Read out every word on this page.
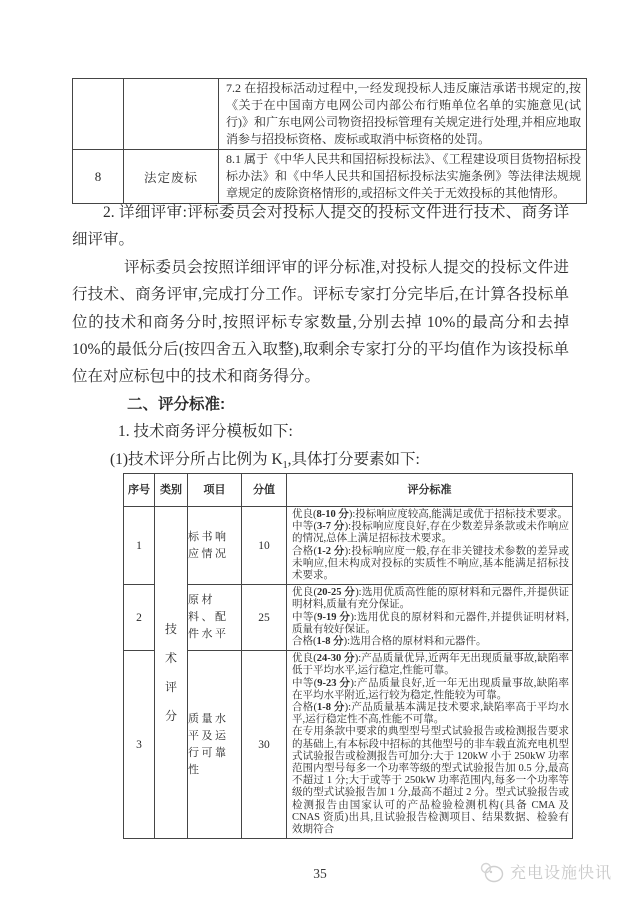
		7.2 在招投标活动过程中,一经发现投标人违反廉洁承诺书规定的,按《关于在中国南方电网公司内部公布行贿单位名单的实施意见(试行)》和广东电网公司物资招投标管理有关规定进行处理,并相应地取消参与招投标资格、废标或取消中标资格的处罚。
8	法定废标	8.1 属于《中华人民共和国招标投标法》、《工程建设项目货物招标投标办法》和《中华人民共和国招标投标法实施条例》等法律法规规章规定的废除资格情形的,或招标文件关于无效投标的其他情形。
2. 详细评审:评标委员会对投标人提交的投标文件进行技术、商务详细评审。
评标委员会按照详细评审的评分标准,对投标人提交的投标文件进行技术、商务评审,完成打分工作。评标专家打分完毕后,在计算各投标单位的技术和商务分时,按照评标专家数量,分别去掉 10%的最高分和去掉 10%的最低分后(按四舍五入取整),取剩余专家打分的平均值作为该投标单位在对应标包中的技术和商务得分。
二、评分标准:
1. 技术商务评分模板如下:
(1)技术评分所占比例为 $K_1$,具体打分要素如下:
序号	类别	项目	分值	评分标准
1	技术评分	标书响应情况	10	优良(8-10 分):投标响应度较高,能满足或优于招标技术要求。
中等(3-7 分):投标响应度良好,存在少数差异条款或未作响应的情况,总体上满足招标技术要求。
合格(1-2 分):投标响应度一般,存在非关键技术参数的差异或未响应,但未构成对投标的实质性不响应,基本能满足招标技术要求。

2		原材料、配件水平	25	优良(20-25 分):选用优质高性能的原材料和元器件,并提供证明材料,质量有充分保证。
中等(9-19 分):选用优良的原材料和元器件,并提供证明材料,质量有较好保证。
合格(1-8 分):选用合格的原材料和元器件。

3		质量水平及运行可靠性	30	优良(24-30 分):产品质量优异,近两年无出现质量事故,缺陷率低于平均水平,运行稳定,性能可靠。
中等(9-23 分):产品质量良好,近一年无出现质量事故,缺陷率在平均水平附近,运行较为稳定,性能较为可靠。
合格(1-8 分):产品质量基本满足技术要求,缺陷率高于平均水平,运行稳定性不高,性能不可靠。
在专用条款中要求的典型型号型式试验报告或检测报告要求的基础上,有本标段中招标的其他型号的非车载直流充电机型式试验报告或检测报告可加分:大于 120kW 小于 250kW 功率范围内型号每多一个功率等级的型式试验报告加 0.5 分,最高不超过 1 分;大于或等于 250kW 功率范围内,每多一个功率等级的型式试验报告加 1 分,最高不超过 2 分。型式试验报告或检测报告由国家认可的产品检验检测机构(具备 CMA 及 CNAS 资质)出具,且试验报告检测项目、结果数据、检验有效期符合
35	充电设施快讯
